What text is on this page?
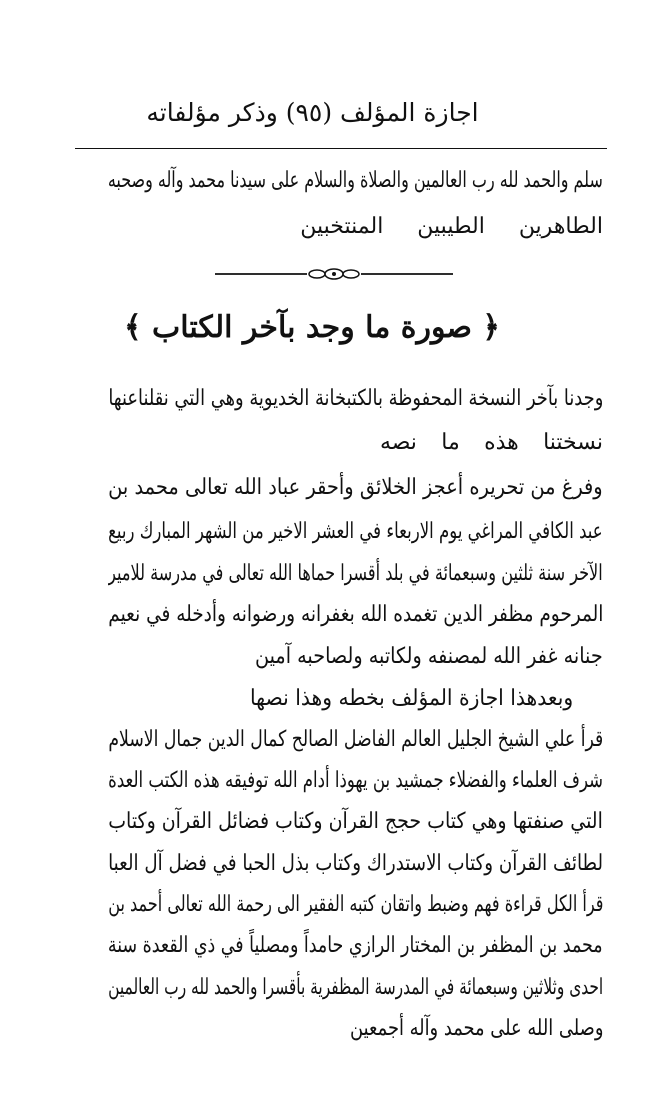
اجازة المؤلف (٩٥) وذكر مؤلفاته
سلم والحمد لله رب العالمين والصلاة والسلام على سيدنا محمد وآله وصحبه
الطاهرين الطيبين المنتخبين
﴿ صورة ما وجد بآخر الكتاب ﴾
وجدنا بآخر النسخة المحفوظة بالكتبخانة الخديوية وهي التي نقلناعنها
نسختنا هذه ما نصه
وفرغ من تحريره أعجز الخلائق وأحقر عباد الله تعالى محمد بن
عبد الكافي المراغي يوم الاربعاء في العشر الاخير من الشهر المبارك ربيع
الآخر سنة ثلثين وسبعمائة في بلد أقسرا حماها الله تعالى في مدرسة للامير
المرحوم مظفر الدين تغمده الله بغفرانه ورضوانه وأدخله في نعيم
جنانه غفر الله لمصنفه ولكاتبه ولصاحبه آمين
وبعدهذا اجازة المؤلف بخطه وهذا نصها
قرأ علي الشيخ الجليل العالم الفاضل الصالح كمال الدين جمال الاسلام
شرف العلماء والفضلاء جمشيد بن يهوذا أدام الله توفيقه هذه الكتب العدة
التي صنفتها وهي كتاب حجج القرآن وكتاب فضائل القرآن وكتاب
لطائف القرآن وكتاب الاستدراك وكتاب بذل الحبا في فضل آل العبا
قرأ الكل قراءة فهم وضبط واتقان كتبه الفقير الى رحمة الله تعالى أحمد بن
محمد بن المظفر بن المختار الرازي حامداً ومصلياً في ذي القعدة سنة
احدى وثلاثين وسبعمائة في المدرسة المظفرية بأقسرا والحمد لله رب العالمين
وصلى الله على محمد وآله أجمعين
